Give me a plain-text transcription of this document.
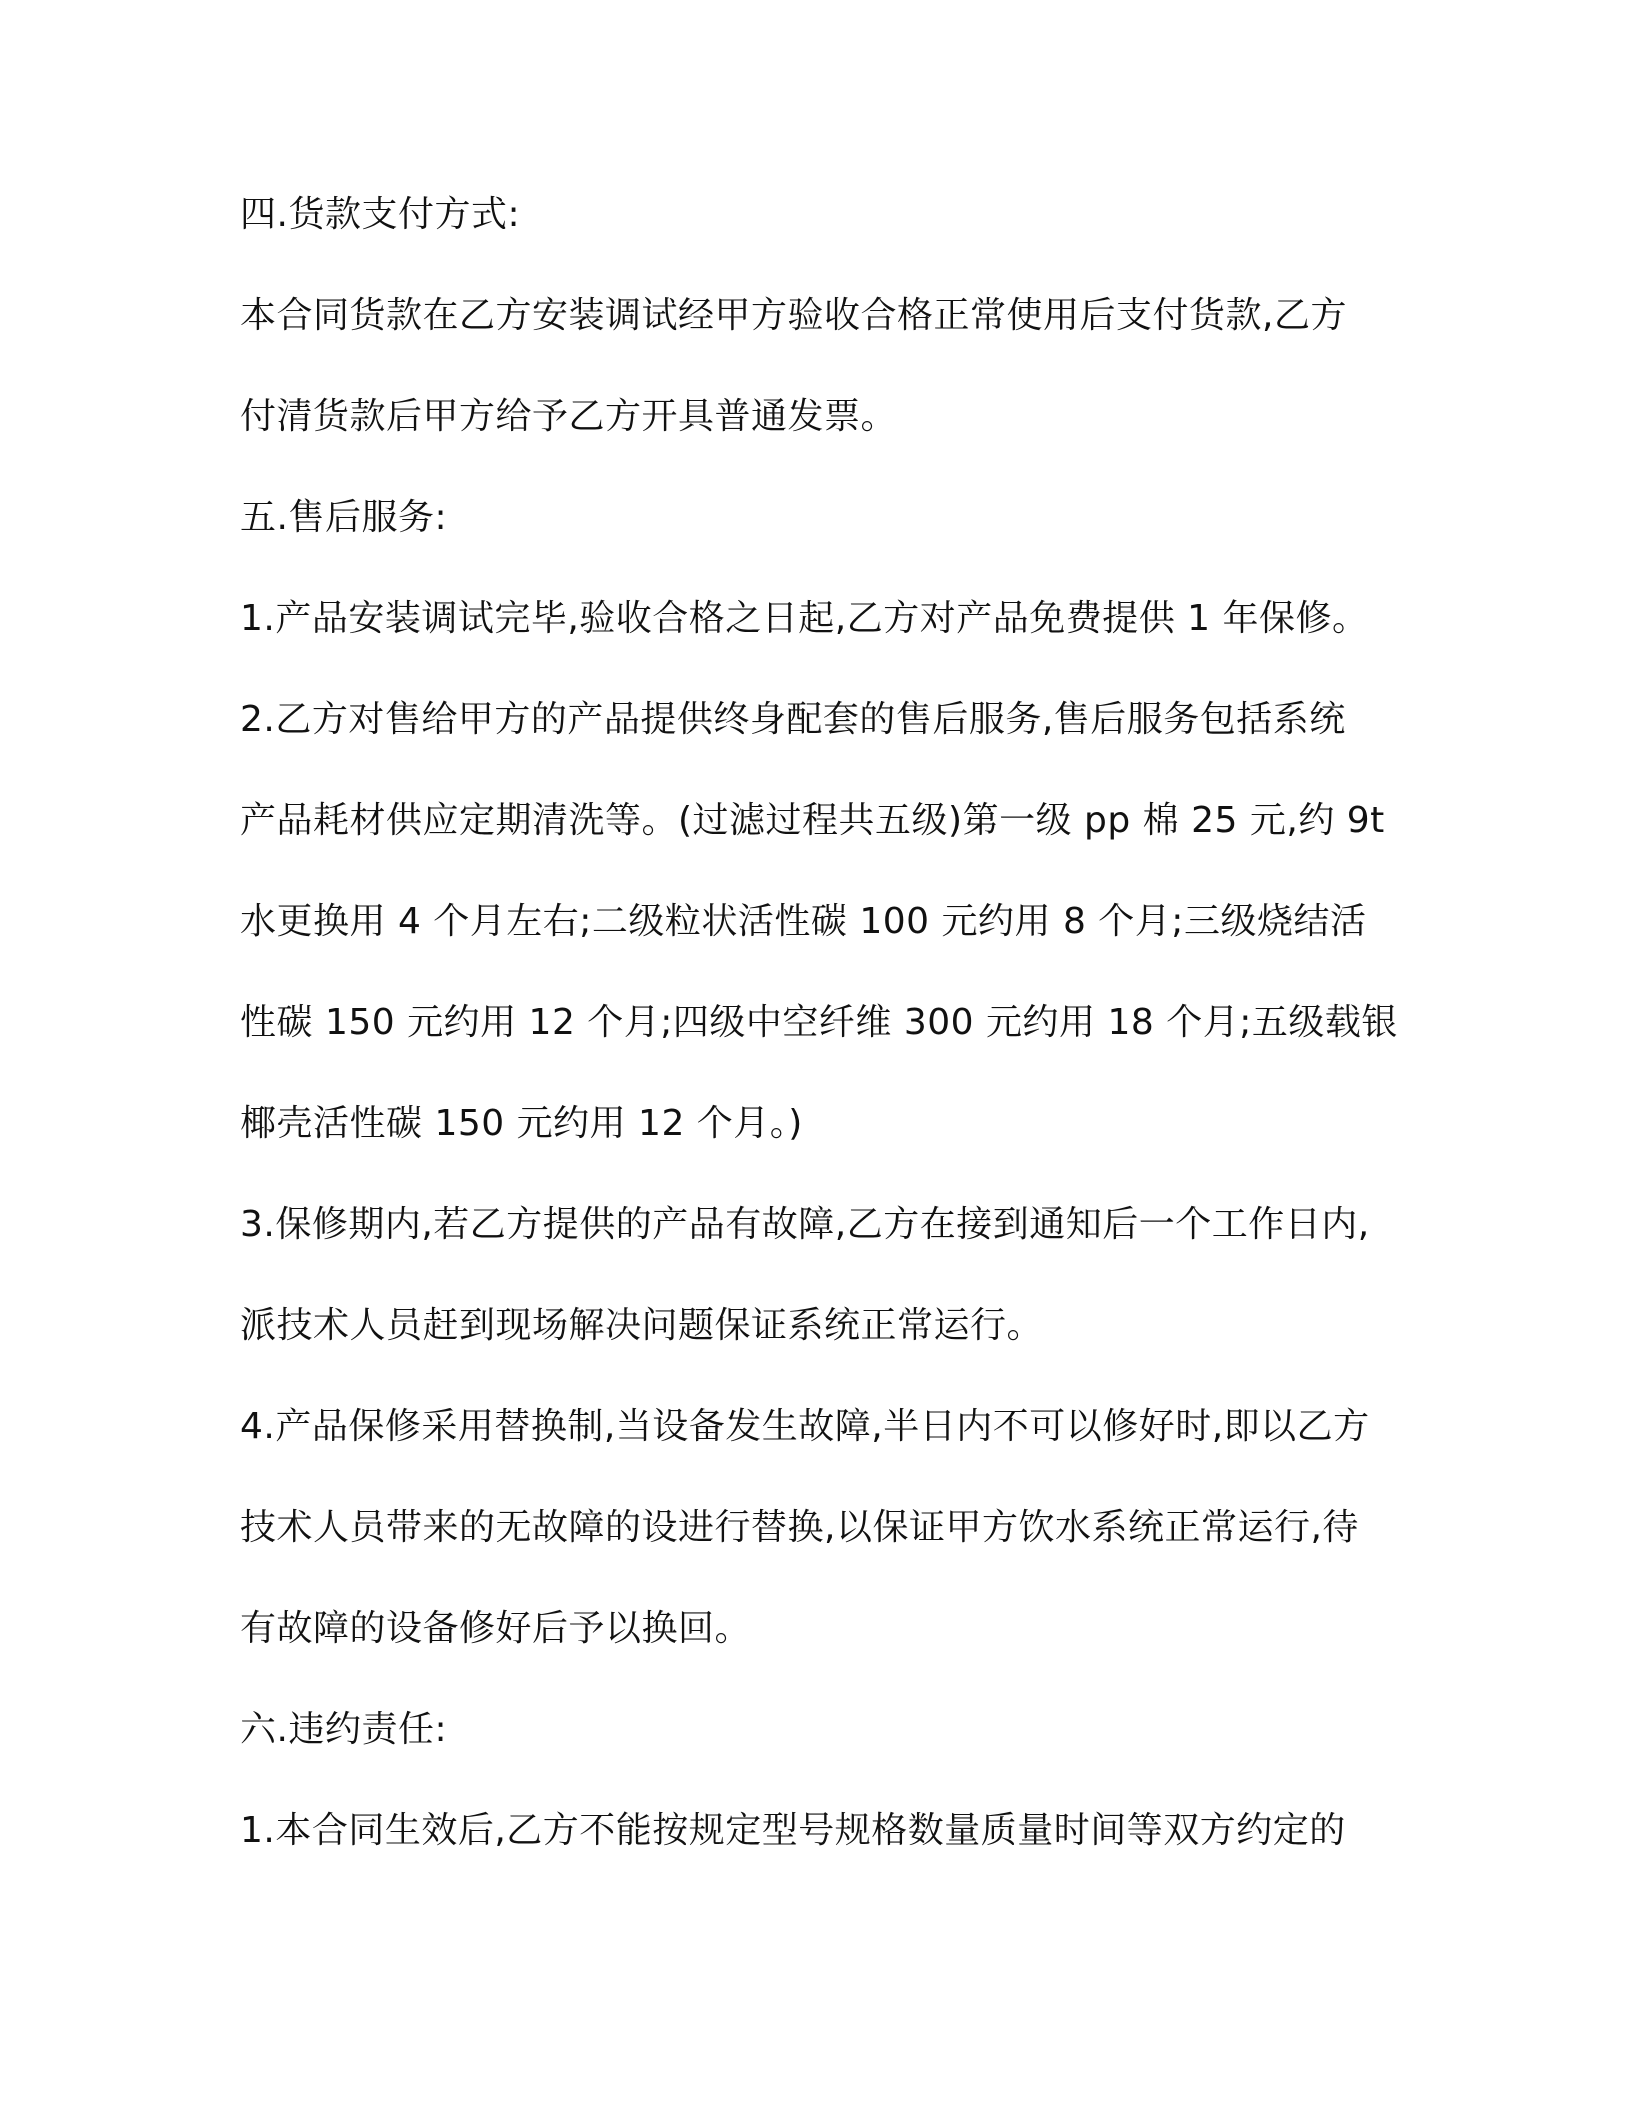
四.货款支付方式:
本合同货款在乙方安装调试经甲方验收合格正常使用后支付货款,乙方
付清货款后甲方给予乙方开具普通发票。
五.售后服务:
1.产品安装调试完毕,验收合格之日起,乙方对产品免费提供 1 年保修。
2.乙方对售给甲方的产品提供终身配套的售后服务,售后服务包括系统
产品耗材供应定期清洗等。(过滤过程共五级)第一级 pp 棉 25 元,约 9t
水更换用 4 个月左右;二级粒状活性碳 100 元约用 8 个月;三级烧结活
性碳 150 元约用 12 个月;四级中空纤维 300 元约用 18 个月;五级载银
椰壳活性碳 150 元约用 12 个月。)
3.保修期内,若乙方提供的产品有故障,乙方在接到通知后一个工作日内,
派技术人员赶到现场解决问题保证系统正常运行。
4.产品保修采用替换制,当设备发生故障,半日内不可以修好时,即以乙方
技术人员带来的无故障的设进行替换,以保证甲方饮水系统正常运行,待
有故障的设备修好后予以换回。
六.违约责任:
1.本合同生效后,乙方不能按规定型号规格数量质量时间等双方约定的
